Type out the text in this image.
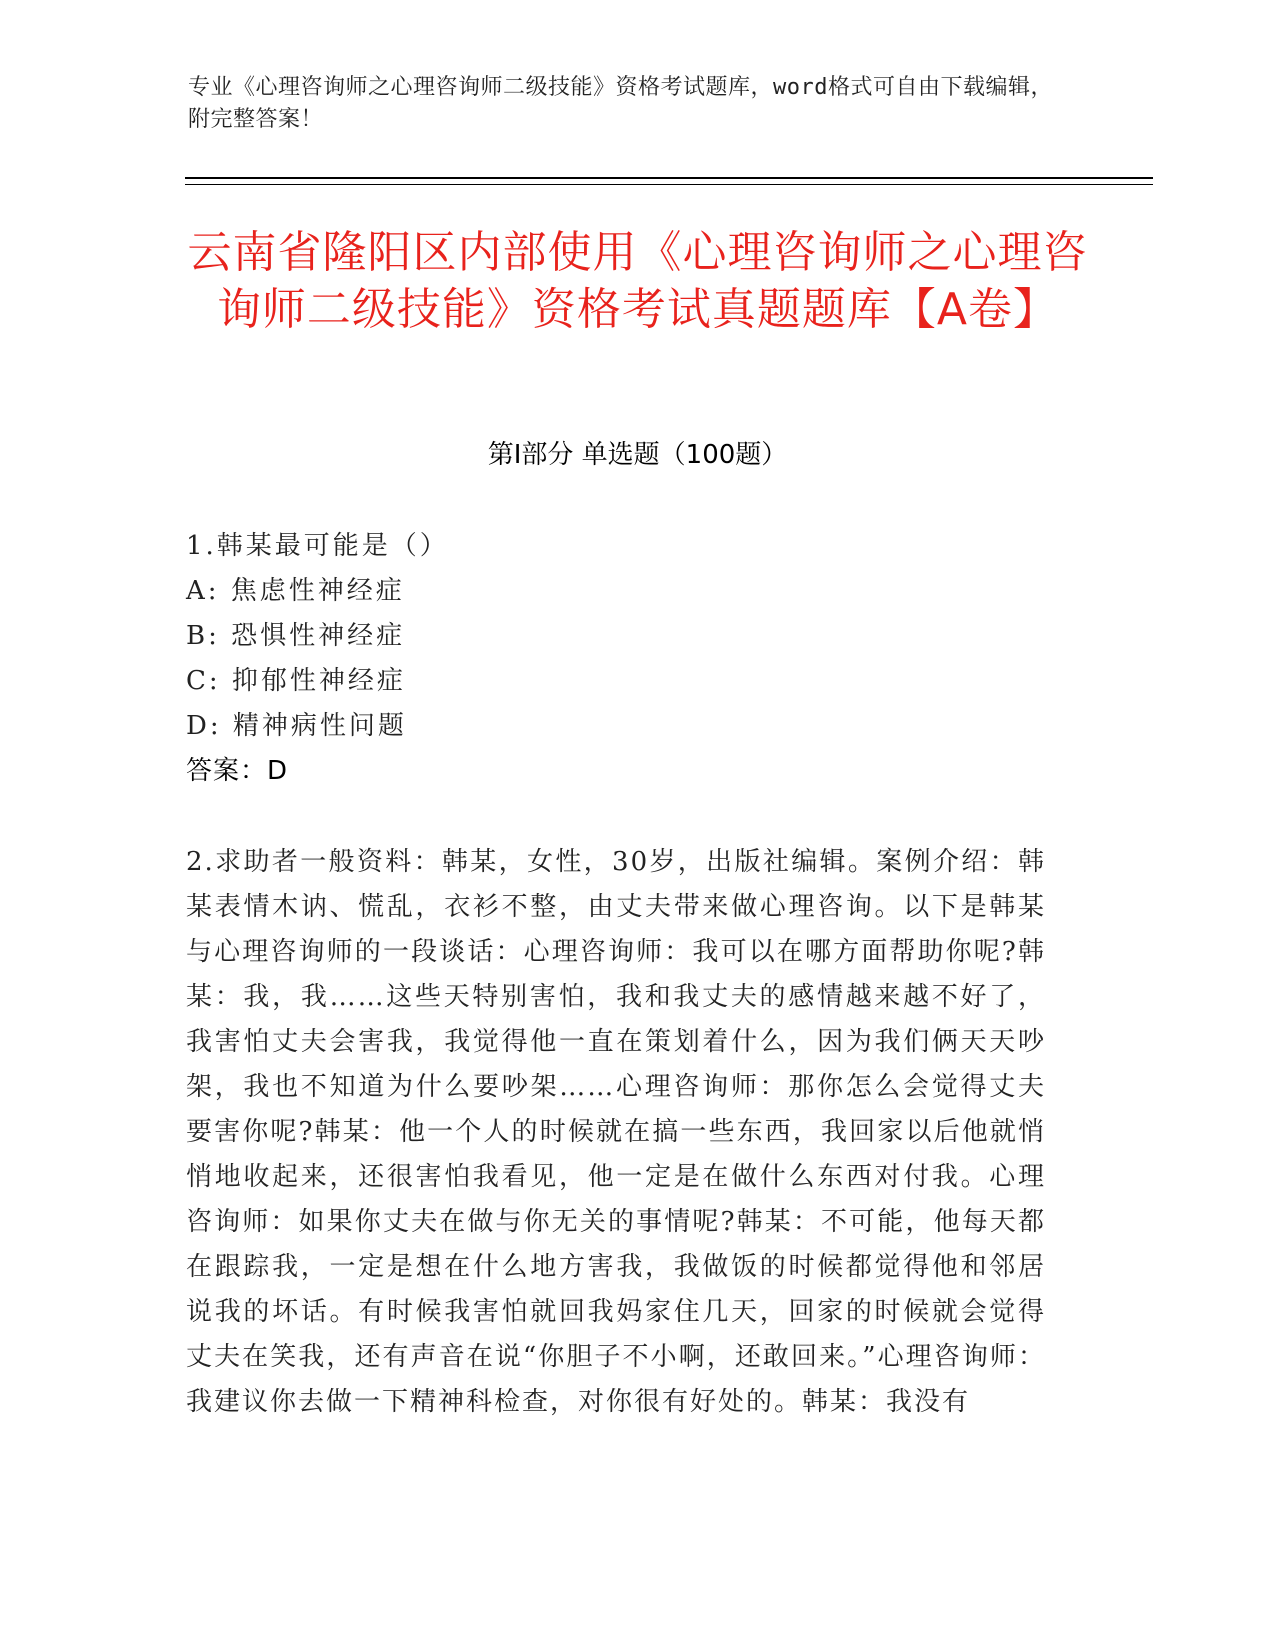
专业《心理咨询师之心理咨询师二级技能》资格考试题库，word格式可自由下载编辑，附完整答案！
云南省隆阳区内部使用《心理咨询师之心理咨询师二级技能》资格考试真题题库【A卷】
第Ⅰ部分 单选题（100题）
1.韩某最可能是（）
A: 焦虑性神经症
B: 恐惧性神经症
C: 抑郁性神经症
D: 精神病性问题
答案：D
2.求助者一般资料：韩某，女性，30岁，出版社编辑。案例介绍：韩某表情木讷、慌乱，衣衫不整，由丈夫带来做心理咨询。以下是韩某与心理咨询师的一段谈话：心理咨询师：我可以在哪方面帮助你呢?韩某：我，我……这些天特别害怕，我和我丈夫的感情越来越不好了，我害怕丈夫会害我，我觉得他一直在策划着什么，因为我们俩天天吵架，我也不知道为什么要吵架……心理咨询师：那你怎么会觉得丈夫要害你呢?韩某：他一个人的时候就在搞一些东西，我回家以后他就悄悄地收起来，还很害怕我看见，他一定是在做什么东西对付我。心理咨询师：如果你丈夫在做与你无关的事情呢?韩某：不可能，他每天都在跟踪我，一定是想在什么地方害我，我做饭的时候都觉得他和邻居说我的坏话。有时候我害怕就回我妈家住几天，回家的时候就会觉得丈夫在笑我，还有声音在说“你胆子不小啊，还敢回来。”心理咨询师：我建议你去做一下精神科检查，对你很有好处的。韩某：我没有
